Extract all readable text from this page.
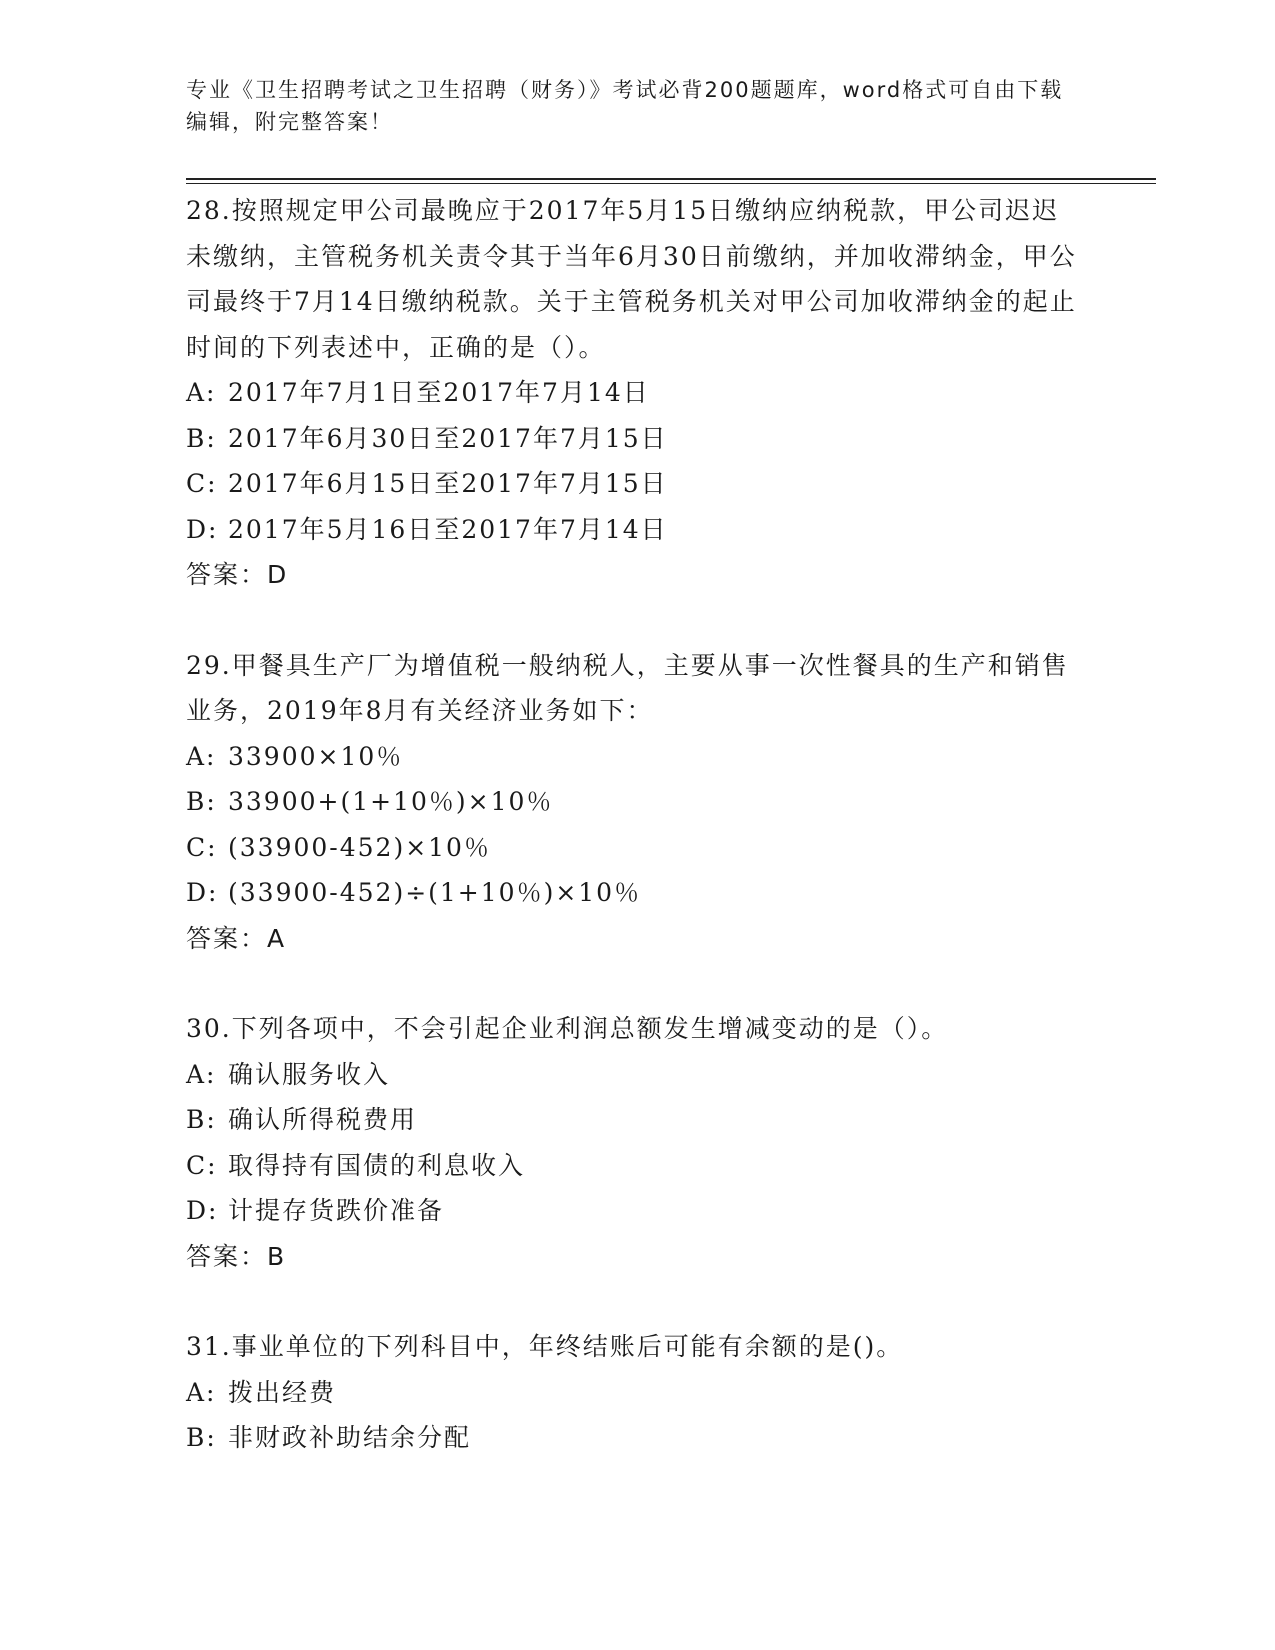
专业《卫生招聘考试之卫生招聘（财务）》考试必背200题题库，word格式可自由下载编辑，附完整答案！

28.按照规定甲公司最晚应于2017年5月15日缴纳应纳税款，甲公司迟迟未缴纳，主管税务机关责令其于当年6月30日前缴纳，并加收滞纳金，甲公司最终于7月14日缴纳税款。关于主管税务机关对甲公司加收滞纳金的起止时间的下列表述中，正确的是（）。

A: 2017年7月1日至2017年7月14日

B: 2017年6月30日至2017年7月15日

C: 2017年6月15日至2017年7月15日

D: 2017年5月16日至2017年7月14日

答案：D

29.甲餐具生产厂为增值税一般纳税人，主要从事一次性餐具的生产和销售业务，2019年8月有关经济业务如下：

A: 33900×10％

B: 33900+(1+10％)×10％

C: (33900-452)×10％

D: (33900-452)÷(1+10％)×10％

答案：A

30.下列各项中，不会引起企业利润总额发生增减变动的是（）。

A: 确认服务收入

B: 确认所得税费用

C: 取得持有国债的利息收入

D: 计提存货跌价准备

答案：B

31.事业单位的下列科目中，年终结账后可能有余额的是()。

A: 拨出经费

B: 非财政补助结余分配
